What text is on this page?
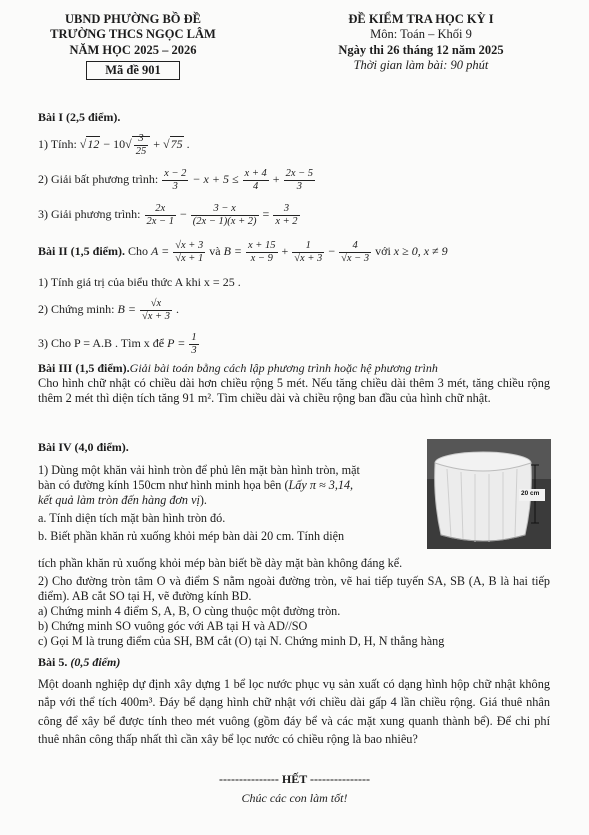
UBND PHƯỜNG BỒ ĐỀ
TRƯỜNG THCS NGỌC LÂM
NĂM HỌC 2025 – 2026
Mã đề 901
ĐỀ KIỂM TRA HỌC KỲ I
Môn: Toán – Khối 9
Ngày thi 26 tháng 12 năm 2025
Thời gian làm bài: 90 phút
Bài I (2,5 điểm).
1) Tính: $√12 - 10√ \frac{3}{25} + √75$ .
2) Giải bất phương trình: $\frac{x - 2}{3} - x + 5 \le \frac{x + 4}{4} + \frac{2x - 5}{3}$
3) Giải phương trình: $\frac{2x}{2x - 1} - \frac{3 - x}{(2x - 1)(x + 2)} = \frac{3}{x + 2}$
Bài II (1,5 điểm). Cho $A = \frac{√x + 3}{√x + 1}$ và $B = \frac{x + 15}{x - 9} + \frac{1}{√x + 3} - \frac{4}{√x - 3}$ với x ≥ 0, x ≠ 9
1) Tính giá trị của biểu thức A khi x = 25 .
2) Chứng minh: $B = \frac{√x}{√x + 3}$ .
3) Cho P = A.B . Tìm x để $P = \frac{1}{3}$
Bài III (1,5 điểm).Giải bài toán bằng cách lập phương trình hoặc hệ phương trình
Cho hình chữ nhật có chiều dài hơn chiều rộng 5 mét. Nếu tăng chiều dài thêm 3 mét, tăng chiều rộng thêm 2 mét thì diện tích tăng 91 m². Tìm chiều dài và chiều rộng ban đầu của hình chữ nhật.
Bài IV (4,0 điểm).
1) Dùng một khăn vải hình tròn để phủ lên mặt bàn hình tròn, mặt
bàn có đường kính 150cm như hình minh họa bên (Lấy π ≈ 3,14,
kết quả làm tròn đến hàng đơn vị).
a. Tính diện tích mặt bàn hình tròn đó.
b. Biết phần khăn rủ xuống khỏi mép bàn dài 20 cm. Tính diện
tích phần khăn rủ xuống khỏi mép bàn biết bề dày mặt bàn không đáng kể.
20 cm
2) Cho đường tròn tâm O và điểm S nằm ngoài đường tròn, vẽ hai tiếp tuyến SA, SB (A, B là hai tiếp điểm). AB cắt SO tại H, vẽ đường kính BD.
a) Chứng minh 4 điểm S, A, B, O cùng thuộc một đường tròn.
b) Chứng minh SO vuông góc với AB tại H và AD//SO
c) Gọi M là trung điểm của SH, BM cắt (O) tại N. Chứng minh D, H, N thẳng hàng
Bài 5. (0,5 điểm)
Một doanh nghiệp dự định xây dựng 1 bể lọc nước phục vụ sản xuất có dạng hình hộp chữ nhật không nắp với thể tích 400m³. Đáy bể dạng hình chữ nhật với chiều dài gấp 4 lần chiều rộng. Giá thuê nhân công để xây bể được tính theo mét vuông (gồm đáy bể và các mặt xung quanh thành bể). Để chi phí thuê nhân công thấp nhất thì cần xây bể lọc nước có chiều rộng là bao nhiêu?
--------------- HẾT ---------------
Chúc các con làm tốt!
